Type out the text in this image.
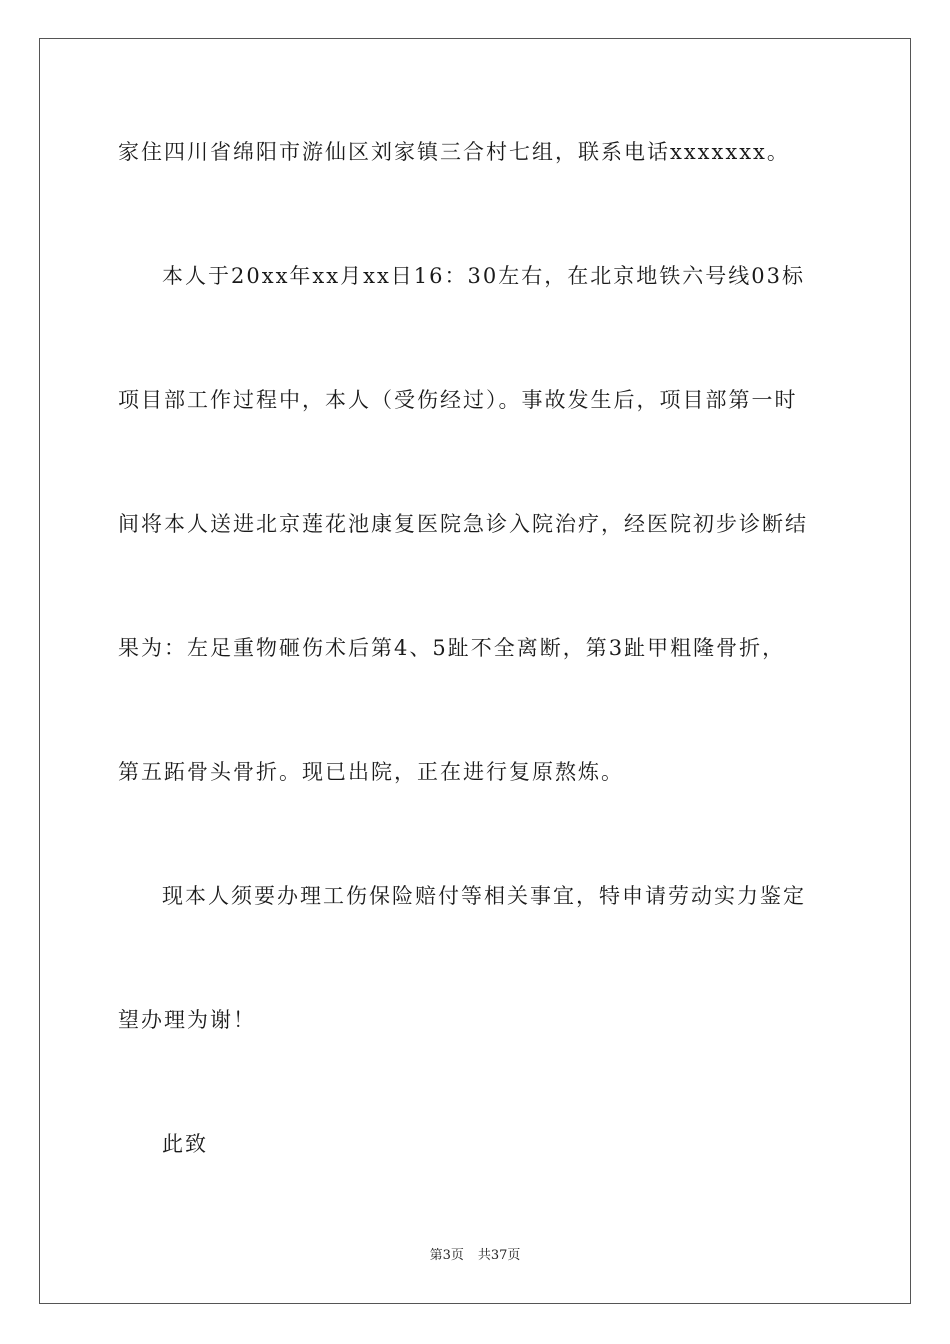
家住四川省绵阳市游仙区刘家镇三合村七组，联系电话xxxxxxx。
本人于20xx年xx月xx日16：30左右，在北京地铁六号线03标
项目部工作过程中，本人（受伤经过）。事故发生后，项目部第一时
间将本人送进北京莲花池康复医院急诊入院治疗，经医院初步诊断结
果为：左足重物砸伤术后第4、5趾不全离断，第3趾甲粗隆骨折，
第五跖骨头骨折。现已出院，正在进行复原熬炼。
现本人须要办理工伤保险赔付等相关事宜，特申请劳动实力鉴定
望办理为谢！
此致
第3页 共37页
